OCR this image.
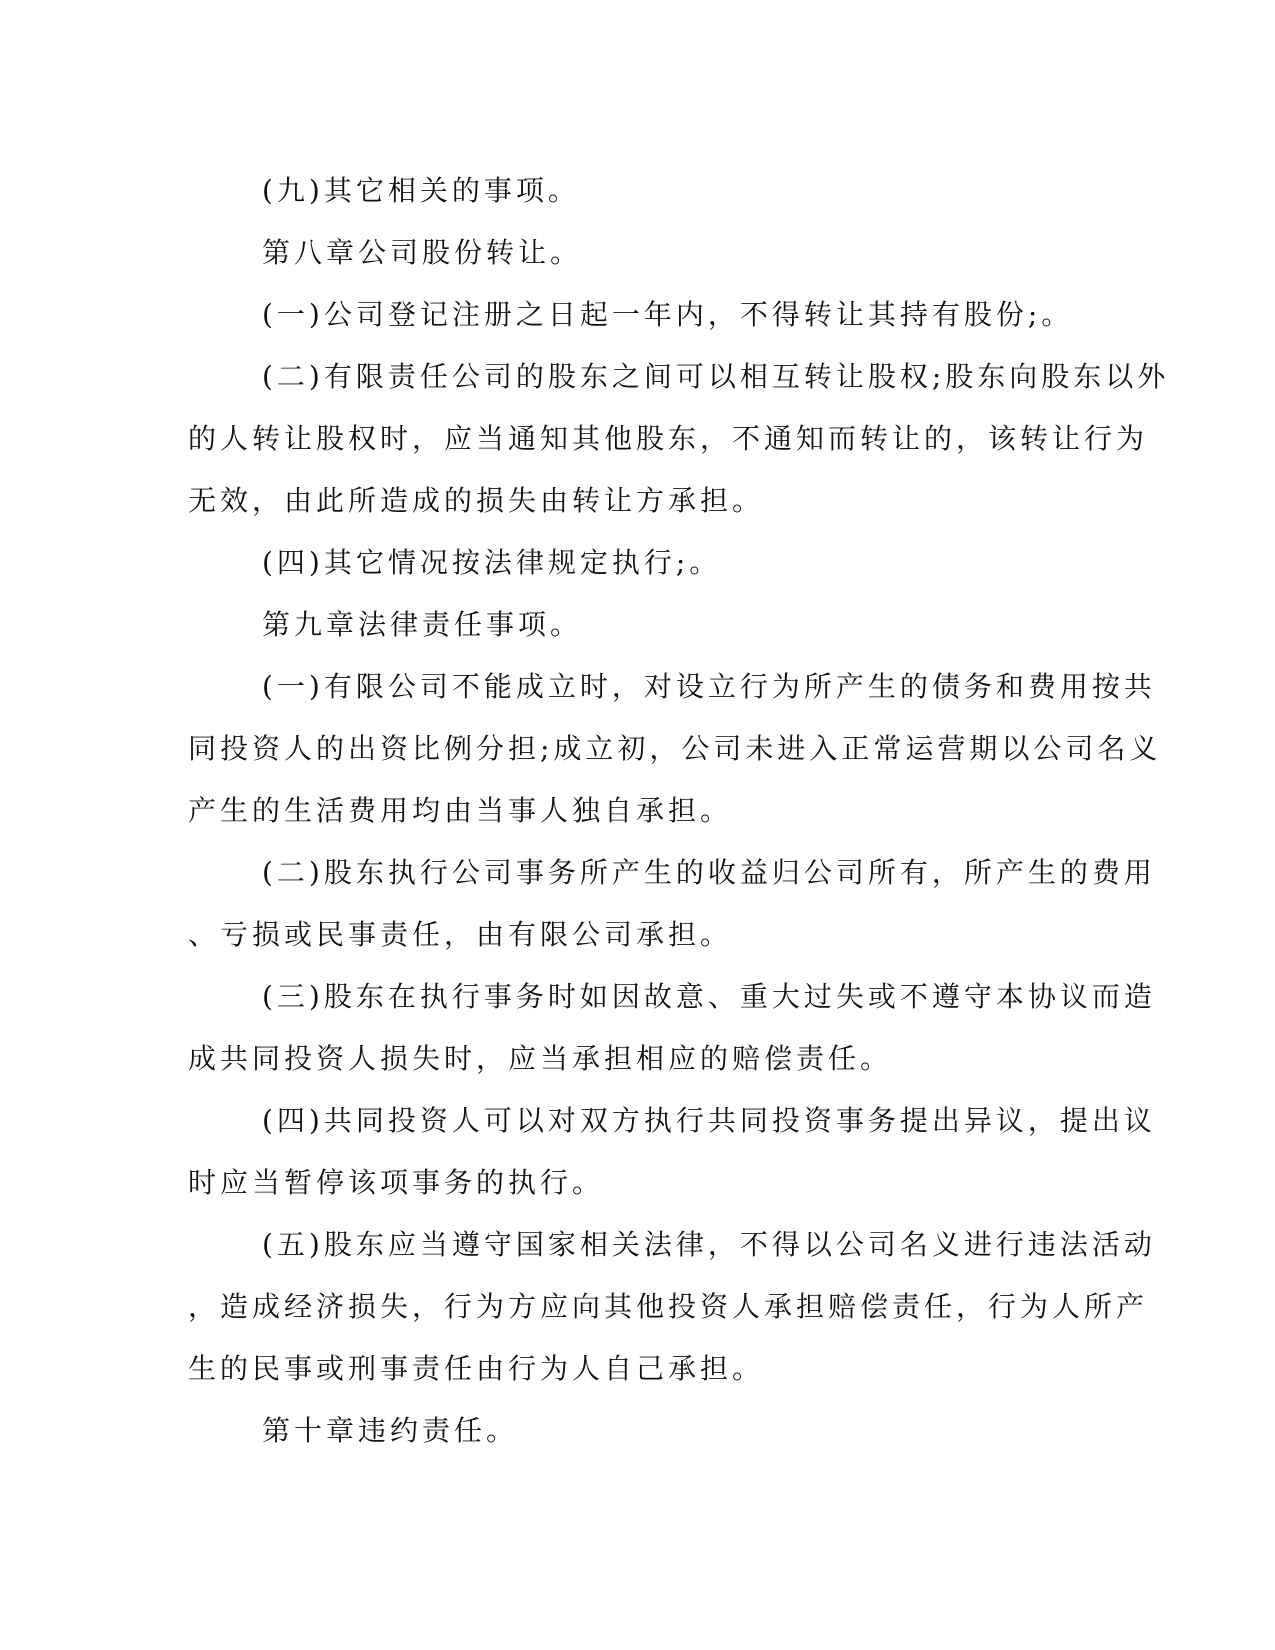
(九)其它相关的事项。

第八章公司股份转让。

(一)公司登记注册之日起一年内，不得转让其持有股份;。

(二)有限责任公司的股东之间可以相互转让股权;股东向股东以外
的人转让股权时，应当通知其他股东，不通知而转让的，该转让行为
无效，由此所造成的损失由转让方承担。

(四)其它情况按法律规定执行;。

第九章法律责任事项。

(一)有限公司不能成立时，对设立行为所产生的债务和费用按共
同投资人的出资比例分担;成立初，公司未进入正常运营期以公司名义
产生的生活费用均由当事人独自承担。

(二)股东执行公司事务所产生的收益归公司所有，所产生的费用
、亏损或民事责任，由有限公司承担。

(三)股东在执行事务时如因故意、重大过失或不遵守本协议而造
成共同投资人损失时，应当承担相应的赔偿责任。

(四)共同投资人可以对双方执行共同投资事务提出异议，提出议
时应当暂停该项事务的执行。

(五)股东应当遵守国家相关法律，不得以公司名义进行违法活动
，造成经济损失，行为方应向其他投资人承担赔偿责任，行为人所产
生的民事或刑事责任由行为人自己承担。

第十章违约责任。
